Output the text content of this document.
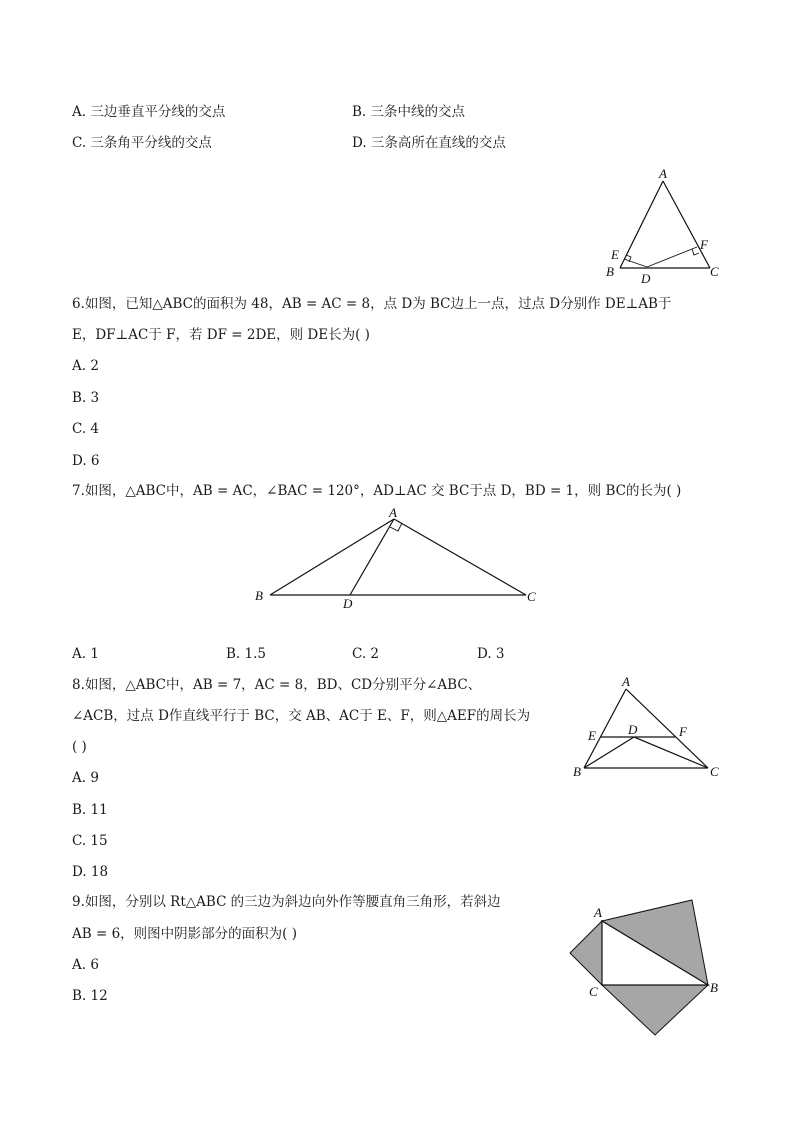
A. 三边垂直平分线的交点	B. 三条中线的交点
C. 三条角平分线的交点	D. 三条高所在直线的交点
A
E
F
B D	C
6.如图，已知△ABC的面积为 48，AB = AC = 8，点 D为 BC边上一点，过点 D分别作 DE⊥AB于
E，DF⊥AC于 F，若 DF = 2DE，则 DE长为( )
A. 2
B. 3
C. 4
D. 6
7.如图，△ABC中，AB = AC，∠BAC = 120°，AD⊥AC 交 BC于点 D，BD = 1，则 BC的长为( )
A
B
D	C
A. 1	B. 1.5	C. 2	D. 3
8.如图，△ABC中，AB = 7，AC = 8，BD、CD分别平分∠ABC、
∠ACB，过点 D作直线平行于 BC，交 AB、AC于 E、F，则△AEF的周长为
( )
A. 9
B. 11
C. 15
D. 18
A
E D	F
B	C
9.如图，分别以 Rt△ABC 的三边为斜边向外作等腰直角三角形，若斜边
AB = 6，则图中阴影部分的面积为( )
A. 6
B. 12
A
C	B
